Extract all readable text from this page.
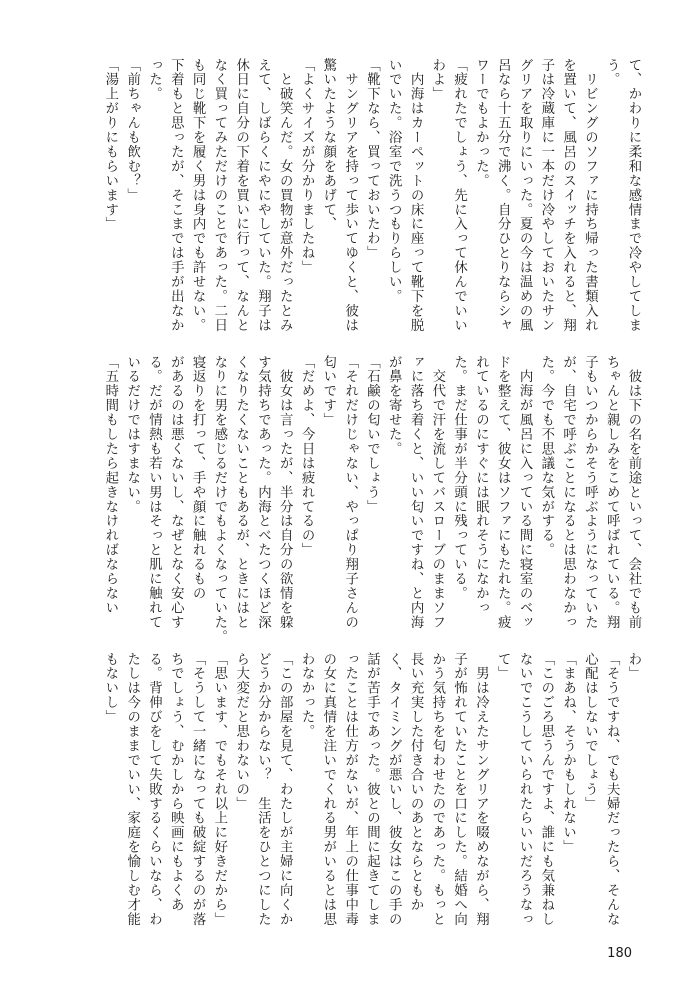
て、かわりに柔和な感情まで冷やしてしま
う。
　リビングのソファに持ち帰った書類入れ
を置いて、風呂のスイッチを入れると、翔
子は冷蔵庫に一本だけ冷やしておいたサン
グリアを取りにいった。夏の今は温めの風
呂なら十五分で沸く。自分ひとりならシャ
ワーでもよかった。
「疲れたでしょう、先に入って休んでいい
わよ」
　内海はカーペットの床に座って靴下を脱
いでいた。浴室で洗うつもりらしい。
「靴下なら、買っておいたわ」
　サングリアを持って歩いてゆくと、彼は
驚いたような顔をあげて、
「よくサイズが分かりましたね」
　と破笑んだ。女の買物が意外だったとみ
えて、しばらくにやにやしていた。翔子は
休日に自分の下着を買いに行って、なんと
なく買ってみただけのことであった。二日
も同じ靴下を履く男は身内でも許せない。
下着もと思ったが、そこまでは手が出なか
った。
「前ちゃんも飲む？」
「湯上がりにもらいます」
　彼は下の名を前途といって、会社でも前
ちゃんと親しみをこめて呼ばれている。翔
子もいつからかそう呼ぶようになっていた
が、自宅で呼ぶことになるとは思わなかっ
た。今でも不思議な気がする。
　内海が風呂に入っている間に寝室のベッ
ドを整えて、彼女はソファにもたれた。疲
れているのにすぐには眠れそうになかっ
た。まだ仕事が半分頭に残っている。
　交代で汗を流してバスローブのままソフ
ァに落ち着くと、いい匂いですね、と内海
が鼻を寄せた。
「石鹸の匂いでしょう」
「それだけじゃない、やっぱり翔子さんの
匂いです」
「だめよ、今日は疲れてるの」
　彼女は言ったが、半分は自分の欲情を躱
す気持ちであった。内海とべたつくほど深
くなりたくないこともあるが、ときにはと
なりに男を感じるだけでもよくなっていた。
寝返りを打って、手や顔に触れるもの
があるのは悪くないし、なぜとなく安心す
る。だが情熱も若い男はそっと肌に触れて
いるだけではすまない。
「五時間もしたら起きなければならない
わ」
「そうですね、でも夫婦だったら、そんな
心配はしないでしょう」
「まあね、そうかもしれない」
「このごろ思うんですよ、誰にも気兼ねし
ないでこうしていられたらいいだろうなっ
て」
　男は冷えたサングリアを啜めながら、翔
子が怖れていたことを口にした。結婚へ向
かう気持ちを匂わせたのであった。もっと
長い充実した付き合いのあとならともか
く、タイミングが悪いし、彼女はこの手の
話が苦手であった。彼との間に起きてしま
ったことは仕方がないが、年上の仕事中毒
の女に真情を注いでくれる男がいるとは思
わなかった。
「この部屋を見て、わたしが主婦に向くか
どうか分からない？　生活をひとつにした
ら大変だと思わないの」
「思います、でもそれ以上に好きだから」
「そうして一緒になっても破綻するのが落
ちでしょう、むかしから映画にもよくあ
る。背伸びをして失敗するくらいなら、わ
たしは今のままでいい、家庭を愉しむ才能
もないし」
180
